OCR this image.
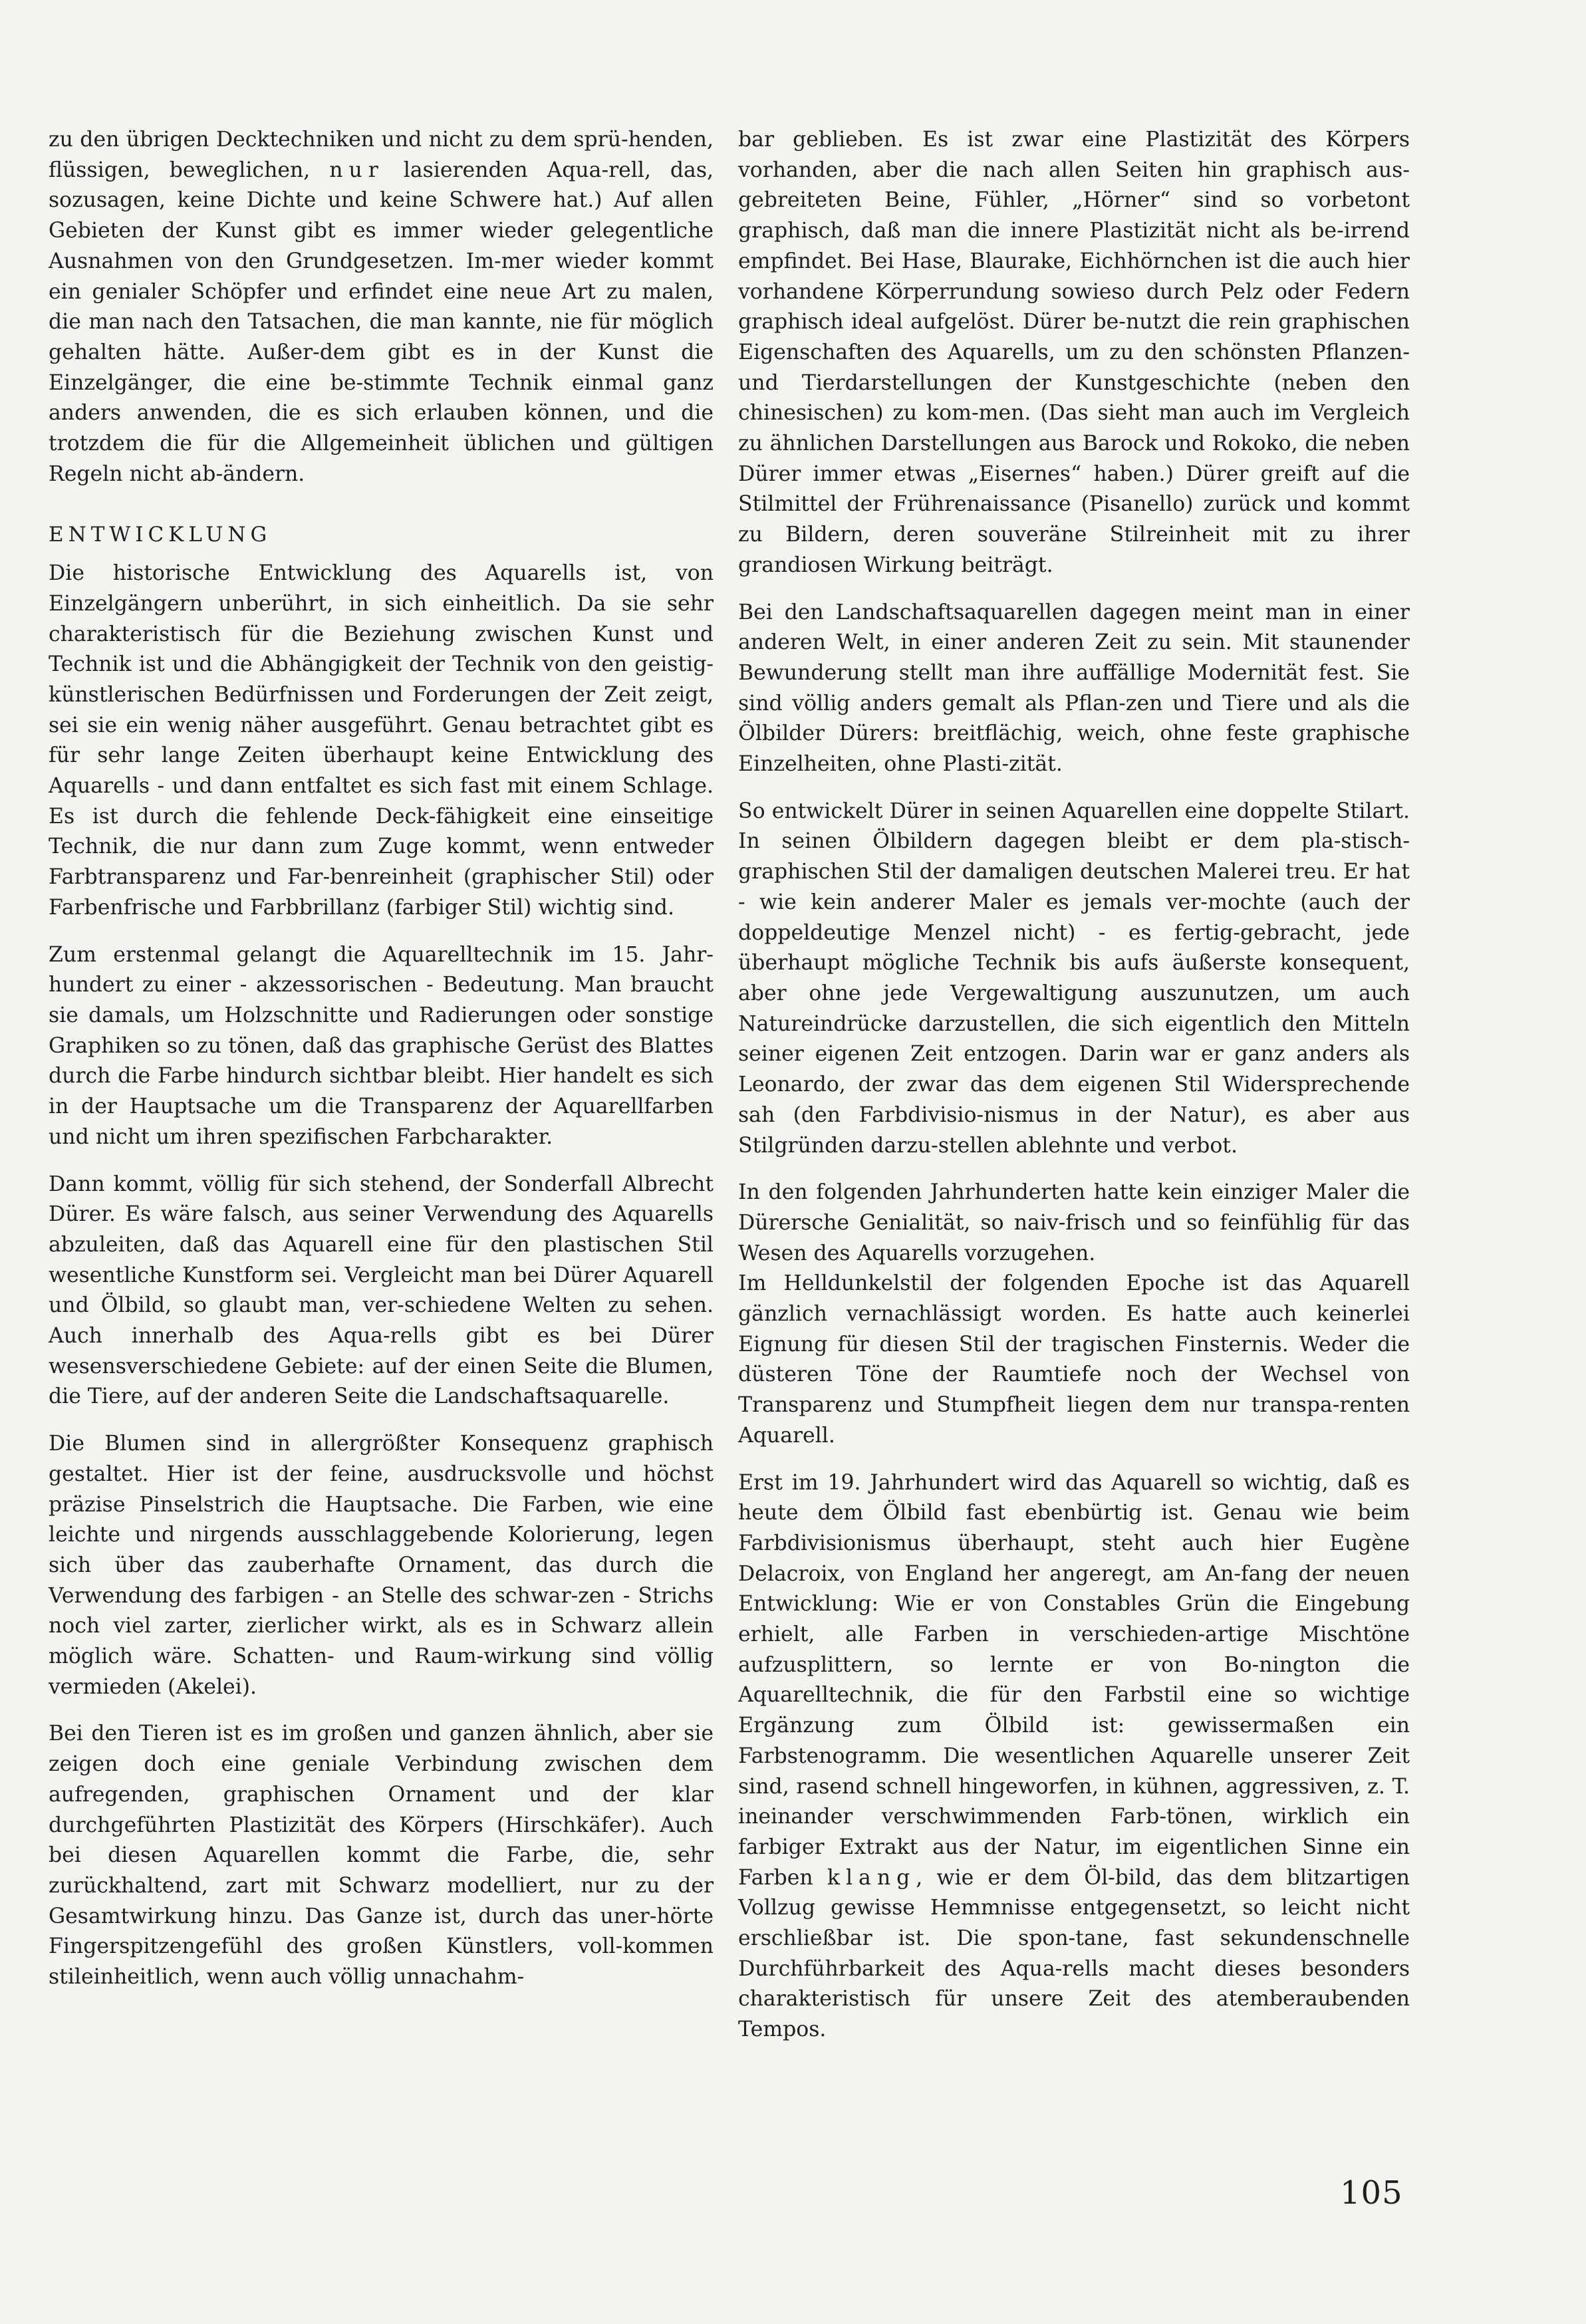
zu den übrigen Decktechniken und nicht zu dem sprü-henden, flüssigen, beweglichen, nur lasierenden Aqua-rell, das, sozusagen, keine Dichte und keine Schwere hat.) Auf allen Gebieten der Kunst gibt es immer wieder gelegentliche Ausnahmen von den Grundgesetzen. Im-mer wieder kommt ein genialer Schöpfer und erfindet eine neue Art zu malen, die man nach den Tatsachen, die man kannte, nie für möglich gehalten hätte. Außer-dem gibt es in der Kunst die Einzelgänger, die eine be-stimmte Technik einmal ganz anders anwenden, die es sich erlauben können, und die trotzdem die für die Allgemeinheit üblichen und gültigen Regeln nicht ab-ändern.

ENTWICKLUNG

Die historische Entwicklung des Aquarells ist, von Einzelgängern unberührt, in sich einheitlich. Da sie sehr charakteristisch für die Beziehung zwischen Kunst und Technik ist und die Abhängigkeit der Technik von den geistig-künstlerischen Bedürfnissen und Forderungen der Zeit zeigt, sei sie ein wenig näher ausgeführt. Genau betrachtet gibt es für sehr lange Zeiten überhaupt keine Entwicklung des Aquarells - und dann entfaltet es sich fast mit einem Schlage. Es ist durch die fehlende Deck-fähigkeit eine einseitige Technik, die nur dann zum Zuge kommt, wenn entweder Farbtransparenz und Far-benreinheit (graphischer Stil) oder Farbenfrische und Farbbrillanz (farbiger Stil) wichtig sind.

Zum erstenmal gelangt die Aquarelltechnik im 15. Jahr-hundert zu einer - akzessorischen - Bedeutung. Man braucht sie damals, um Holzschnitte und Radierungen oder sonstige Graphiken so zu tönen, daß das graphische Gerüst des Blattes durch die Farbe hindurch sichtbar bleibt. Hier handelt es sich in der Hauptsache um die Transparenz der Aquarellfarben und nicht um ihren spezifischen Farbcharakter.

Dann kommt, völlig für sich stehend, der Sonderfall Albrecht Dürer. Es wäre falsch, aus seiner Verwendung des Aquarells abzuleiten, daß das Aquarell eine für den plastischen Stil wesentliche Kunstform sei. Vergleicht man bei Dürer Aquarell und Ölbild, so glaubt man, ver-schiedene Welten zu sehen. Auch innerhalb des Aqua-rells gibt es bei Dürer wesensverschiedene Gebiete: auf der einen Seite die Blumen, die Tiere, auf der anderen Seite die Landschaftsaquarelle.

Die Blumen sind in allergrößter Konsequenz graphisch gestaltet. Hier ist der feine, ausdrucksvolle und höchst präzise Pinselstrich die Hauptsache. Die Farben, wie eine leichte und nirgends ausschlaggebende Kolorierung, legen sich über das zauberhafte Ornament, das durch die Verwendung des farbigen - an Stelle des schwar-zen - Strichs noch viel zarter, zierlicher wirkt, als es in Schwarz allein möglich wäre. Schatten- und Raum-wirkung sind völlig vermieden (Akelei).

Bei den Tieren ist es im großen und ganzen ähnlich, aber sie zeigen doch eine geniale Verbindung zwischen dem aufregenden, graphischen Ornament und der klar durchgeführten Plastizität des Körpers (Hirschkäfer). Auch bei diesen Aquarellen kommt die Farbe, die, sehr zurückhaltend, zart mit Schwarz modelliert, nur zu der Gesamtwirkung hinzu. Das Ganze ist, durch das uner-hörte Fingerspitzengefühl des großen Künstlers, voll-kommen stileinheitlich, wenn auch völlig unnachahm-

bar geblieben. Es ist zwar eine Plastizität des Körpers vorhanden, aber die nach allen Seiten hin graphisch aus-gebreiteten Beine, Fühler, „Hörner“ sind so vorbetont graphisch, daß man die innere Plastizität nicht als be-irrend empfindet. Bei Hase, Blaurake, Eichhörnchen ist die auch hier vorhandene Körperrundung sowieso durch Pelz oder Federn graphisch ideal aufgelöst. Dürer be-nutzt die rein graphischen Eigenschaften des Aquarells, um zu den schönsten Pflanzen- und Tierdarstellungen der Kunstgeschichte (neben den chinesischen) zu kom-men. (Das sieht man auch im Vergleich zu ähnlichen Darstellungen aus Barock und Rokoko, die neben Dürer immer etwas „Eisernes“ haben.) Dürer greift auf die Stilmittel der Frührenaissance (Pisanello) zurück und kommt zu Bildern, deren souveräne Stilreinheit mit zu ihrer grandiosen Wirkung beiträgt.

Bei den Landschaftsaquarellen dagegen meint man in einer anderen Welt, in einer anderen Zeit zu sein. Mit staunender Bewunderung stellt man ihre auffällige Modernität fest. Sie sind völlig anders gemalt als Pflan-zen und Tiere und als die Ölbilder Dürers: breitflächig, weich, ohne feste graphische Einzelheiten, ohne Plasti-zität.

So entwickelt Dürer in seinen Aquarellen eine doppelte Stilart. In seinen Ölbildern dagegen bleibt er dem pla-stisch-graphischen Stil der damaligen deutschen Malerei treu. Er hat - wie kein anderer Maler es jemals ver-mochte (auch der doppeldeutige Menzel nicht) - es fertig-gebracht, jede überhaupt mögliche Technik bis aufs äußerste konsequent, aber ohne jede Vergewaltigung auszunutzen, um auch Natureindrücke darzustellen, die sich eigentlich den Mitteln seiner eigenen Zeit entzogen. Darin war er ganz anders als Leonardo, der zwar das dem eigenen Stil Widersprechende sah (den Farbdivisio-nismus in der Natur), es aber aus Stilgründen darzu-stellen ablehnte und verbot.

In den folgenden Jahrhunderten hatte kein einziger Maler die Dürersche Genialität, so naiv-frisch und so feinfühlig für das Wesen des Aquarells vorzugehen.

Im Helldunkelstil der folgenden Epoche ist das Aquarell gänzlich vernachlässigt worden. Es hatte auch keinerlei Eignung für diesen Stil der tragischen Finsternis. Weder die düsteren Töne der Raumtiefe noch der Wechsel von Transparenz und Stumpfheit liegen dem nur transpa-renten Aquarell.

Erst im 19. Jahrhundert wird das Aquarell so wichtig, daß es heute dem Ölbild fast ebenbürtig ist. Genau wie beim Farbdivisionismus überhaupt, steht auch hier Eugène Delacroix, von England her angeregt, am An-fang der neuen Entwicklung: Wie er von Constables Grün die Eingebung erhielt, alle Farben in verschieden-artige Mischtöne aufzusplittern, so lernte er von Bo-nington die Aquarelltechnik, die für den Farbstil eine so wichtige Ergänzung zum Ölbild ist: gewissermaßen ein Farbstenogramm. Die wesentlichen Aquarelle unserer Zeit sind, rasend schnell hingeworfen, in kühnen, aggressiven, z. T. ineinander verschwimmenden Farb-tönen, wirklich ein farbiger Extrakt aus der Natur, im eigentlichen Sinne ein Farben klang, wie er dem Öl-bild, das dem blitzartigen Vollzug gewisse Hemmnisse entgegensetzt, so leicht nicht erschließbar ist. Die spon-tane, fast sekundenschnelle Durchführbarkeit des Aqua-rells macht dieses besonders charakteristisch für unsere Zeit des atemberaubenden Tempos.

105
